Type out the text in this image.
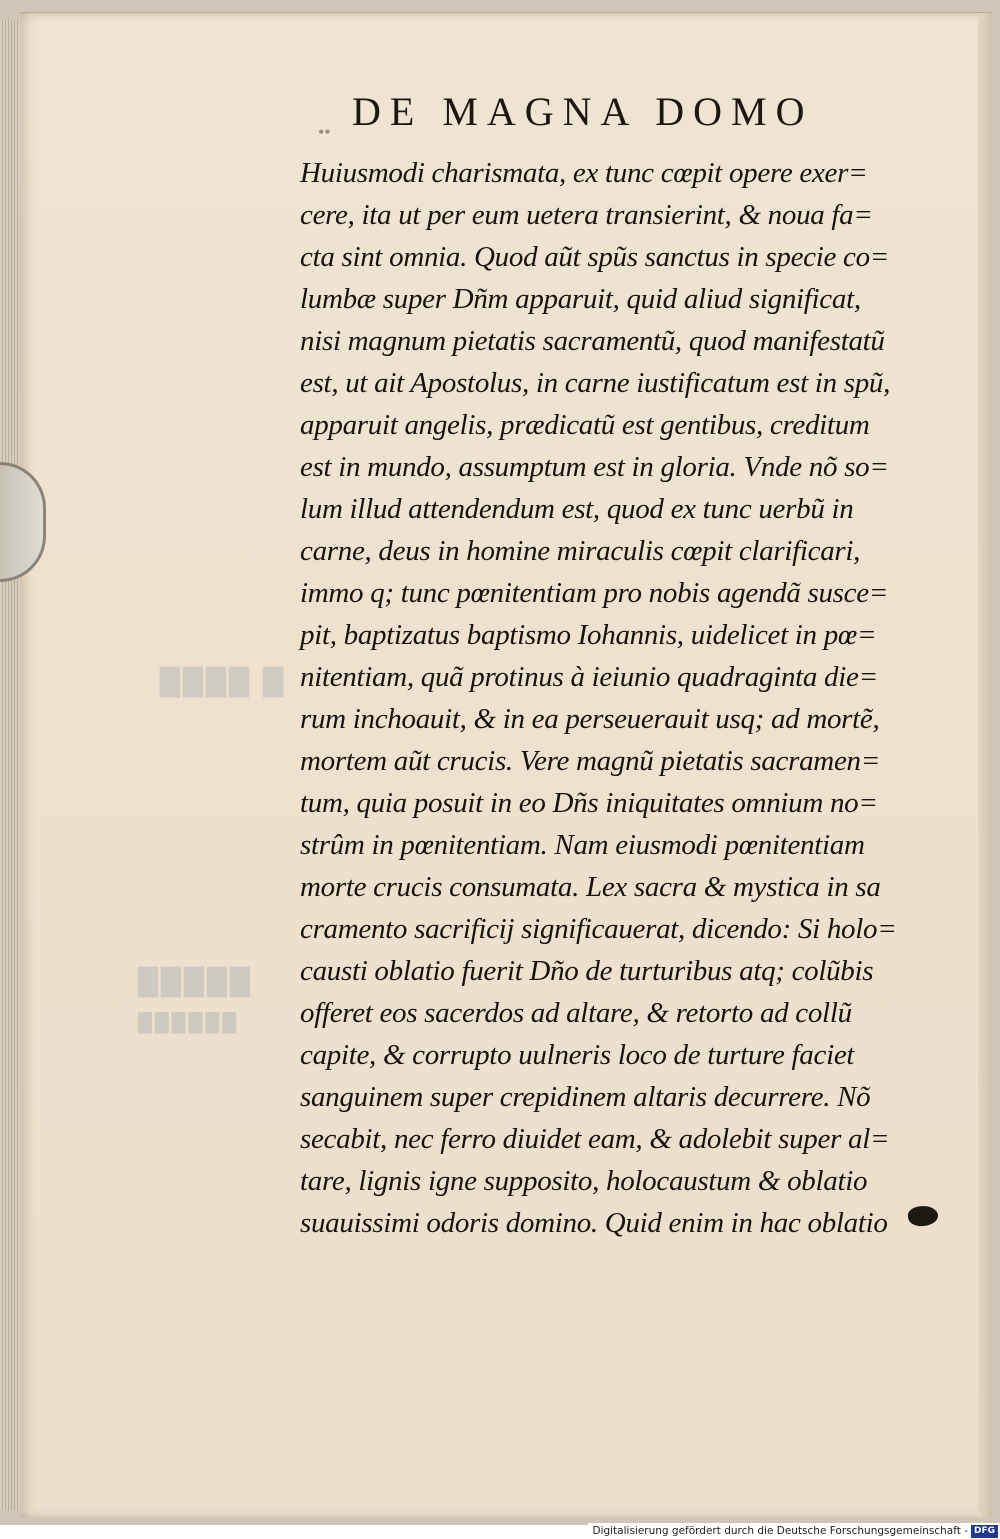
████ █
█████
██████
•• DE MAGNA DOMO
Huiusmodi charismata, ex tunc cœpit opere exer=
cere, ita ut per eum uetera transierint, & noua fa=
cta sint omnia. Quod aũt spũs sanctus in specie co=
lumbæ super Dñm apparuit, quid aliud significat,
nisi magnum pietatis sacramentũ, quod manifestatũ
est, ut ait Apostolus, in carne iustificatum est in spũ,
apparuit angelis, prædicatũ est gentibus, creditum
est in mundo, assumptum est in gloria. Vnde nõ so=
lum illud attendendum est, quod ex tunc uerbũ in
carne, deus in homine miraculis cœpit clarificari,
immo q; tunc pœnitentiam pro nobis agendã susce=
pit, baptizatus baptismo Iohannis, uidelicet in pœ=
nitentiam, quã protinus à ieiunio quadraginta die=
rum inchoauit, & in ea perseuerauit usq; ad mortẽ,
mortem aũt crucis. Vere magnũ pietatis sacramen=
tum, quia posuit in eo Dñs iniquitates omnium no=
strûm in pœnitentiam. Nam eiusmodi pœnitentiam
morte crucis consumata. Lex sacra & mystica in sa
cramento sacrificij significauerat, dicendo: Si holo=
causti oblatio fuerit Dño de turturibus atq; colũbis
offeret eos sacerdos ad altare, & retorto ad collũ
capite, & corrupto uulneris loco de turture faciet
sanguinem super crepidinem altaris decurrere. Nõ
secabit, nec ferro diuidet eam, & adolebit super al=
tare, lignis igne supposito, holocaustum & oblatio
suauissimi odoris domino. Quid enim in hac oblatio
Digitalisierung gefördert durch die Deutsche Forschungsgemeinschaft - DFG
